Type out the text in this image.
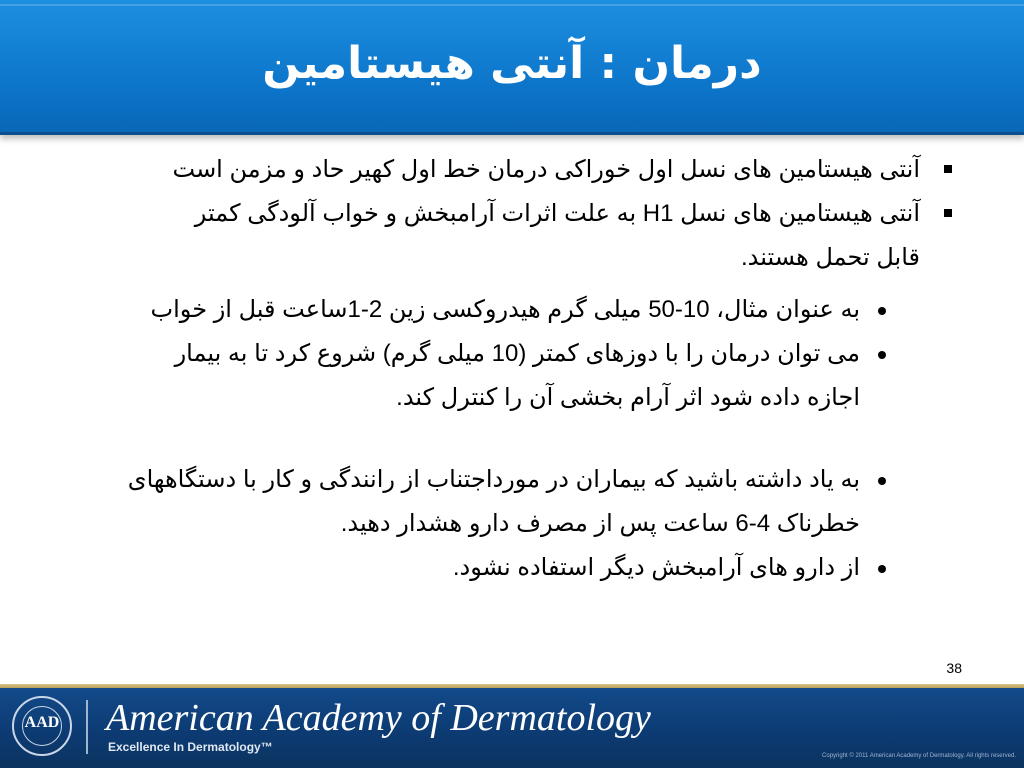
درمان : آنتی هیستامین
آنتی هیستامین های نسل اول خوراکی درمان خط اول کهیر حاد و مزمن است
آنتی هیستامین های نسل H1 به علت اثرات آرامبخش و خواب آلودگی کمتر
قابل تحمل هستند.
به عنوان مثال، 10-50 میلی گرم هیدروکسی زین 2-1ساعت قبل از خواب
می توان درمان را با دوزهای کمتر (10 میلی گرم) شروع کرد تا به بیمار
اجازه داده شود اثر آرام بخشی آن را کنترل کند.
به یاد داشته باشید که بیماران در مورداجتناب از رانندگی و کار با دستگاههای
خطرناک 4-6 ساعت پس از مصرف دارو هشدار دهید.
از دارو های آرامبخش دیگر استفاده نشود.
38
AAD American Academy of Dermatology
Excellence In Dermatology™
Copyright © 2011 American Academy of Dermatology. All rights reserved.
